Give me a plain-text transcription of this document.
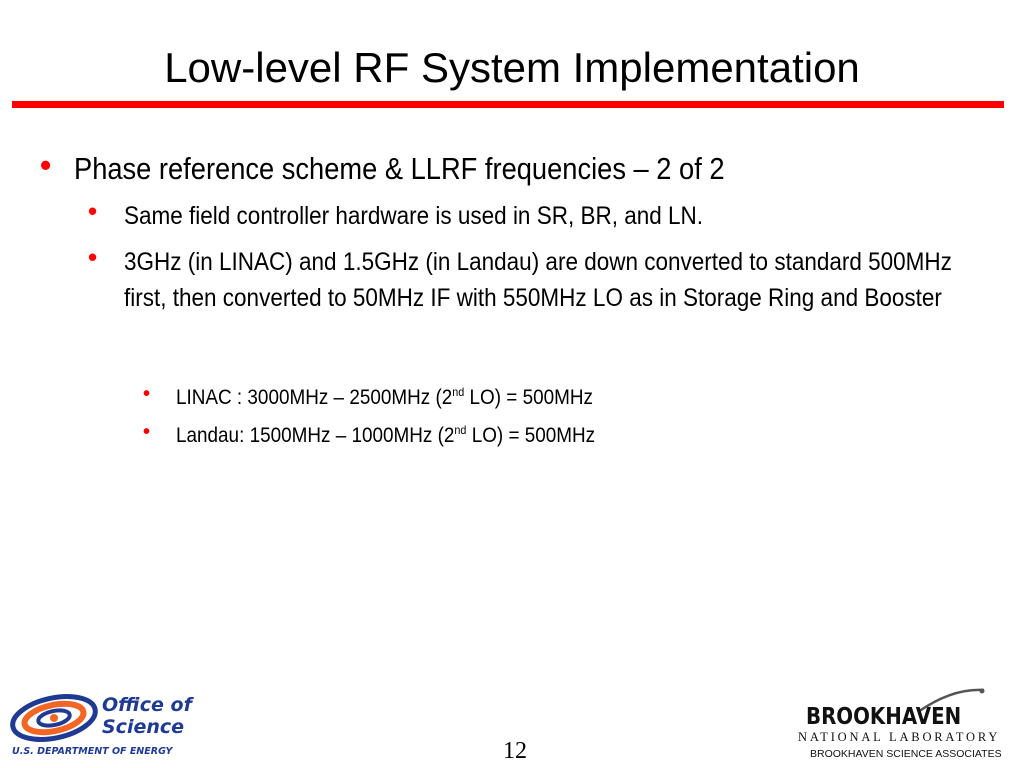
Low-level RF System Implementation
• Phase reference scheme & LLRF frequencies – 2 of 2
• Same field controller hardware is used in SR, BR, and LN.
• 3GHz (in LINAC) and 1.5GHz (in Landau) are down converted to standard 500MHz first, then converted to 50MHz IF with 550MHz LO as in Storage Ring and Booster
• LINAC : 3000MHz – 2500MHz (2nd LO) = 500MHz
• Landau: 1500MHz – 1000MHz (2nd LO) = 500MHz
Office of
Science
U.S. DEPARTMENT OF ENERGY	12
BROOKHAVEN
NATIONAL LABORATORY
BROOKHAVEN SCIENCE ASSOCIATES
